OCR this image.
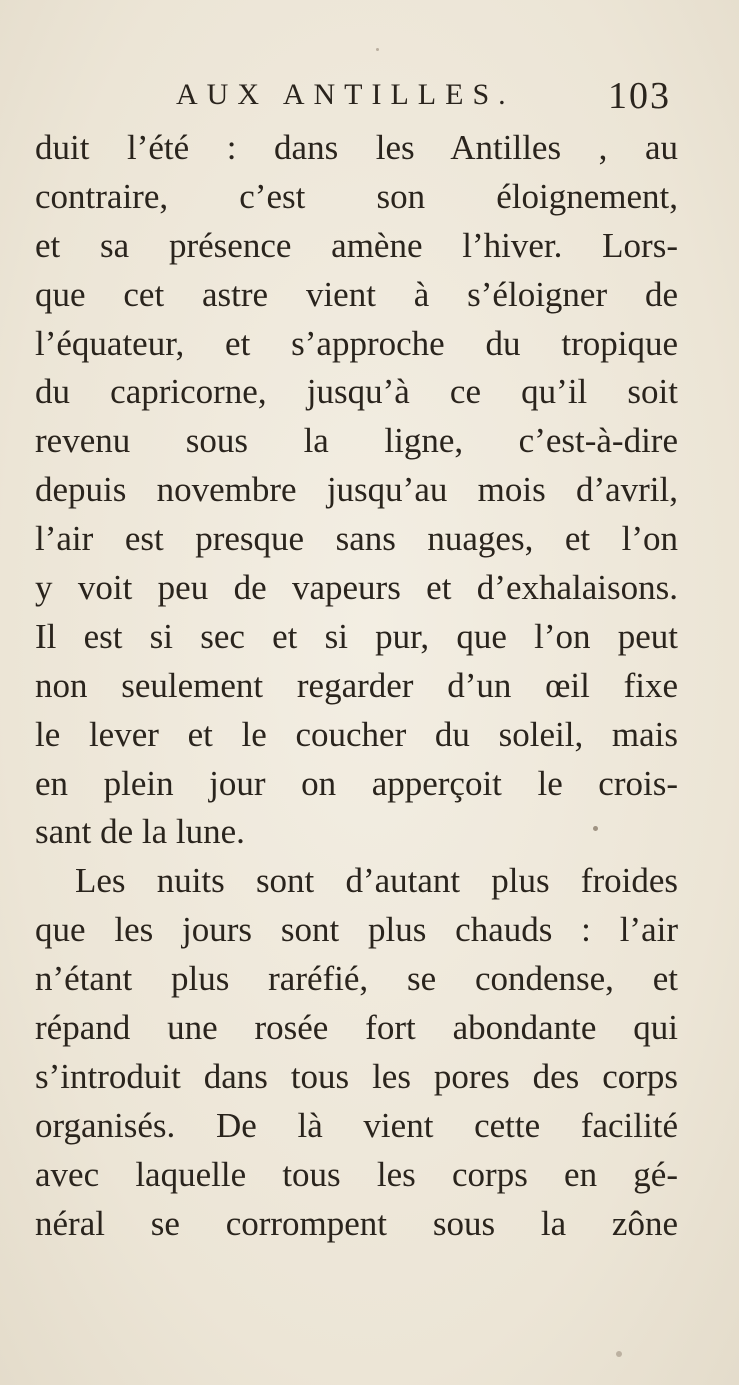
AUX ANTILLES. 103
duit l’été : dans les Antilles , au
contraire, c’est son éloignement,
et sa présence amène l’hiver. Lors-
que cet astre vient à s’éloigner de
l’équateur, et s’approche du tropique
du capricorne, jusqu’à ce qu’il soit
revenu sous la ligne, c’est-à-dire
depuis novembre jusqu’au mois d’avril,
l’air est presque sans nuages, et l’on
y voit peu de vapeurs et d’exhalaisons.
Il est si sec et si pur, que l’on peut
non seulement regarder d’un œil fixe
le lever et le coucher du soleil, mais
en plein jour on apperçoit le crois-
sant de la lune.
Les nuits sont d’autant plus froides
que les jours sont plus chauds : l’air
n’étant plus raréfié, se condense, et
répand une rosée fort abondante qui
s’introduit dans tous les pores des corps
organisés. De là vient cette facilité
avec laquelle tous les corps en gé-
néral se corrompent sous la zône
